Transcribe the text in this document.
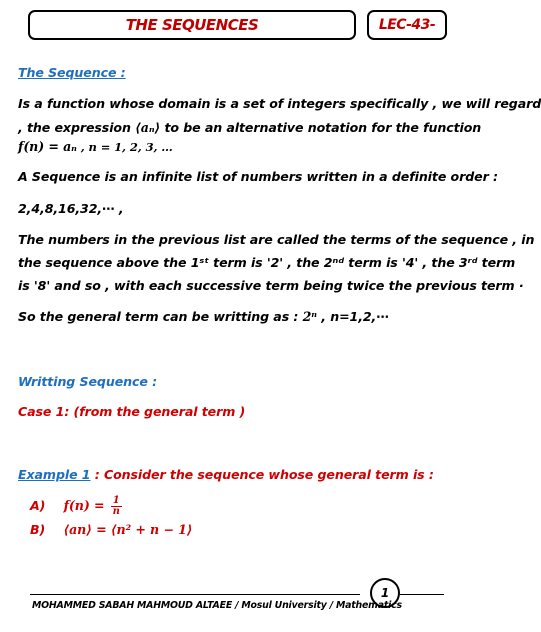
THE SEQUENCES	LEC-43-
The Sequence :
Is a function whose domain is a set of integers specifically , we will regard
, the expression ⟨aₙ⟩ to be an alternative notation for the function
f(n) = aₙ , n = 1, 2, 3, …
A Sequence is an infinite list of numbers written in a definite order :
2,4,8,16,32,⋯ ,
The numbers in the previous list are called the terms of the sequence , in
the sequence above the 1ˢᵗ term is '2' , the 2ⁿᵈ term is '4' , the 3ʳᵈ term
is '8' and so , with each successive term being twice the previous term ·
So the general term can be writting as : 2ⁿ , n=1,2,⋯
Writting Sequence :
Case 1: (from the general term )
Example 1 : Consider the sequence whose general term is :
A) $f(n) = \frac{1}{n}$
B) ⟨an⟩ = ⟨n² + n − 1⟩
1
MOHAMMED SABAH MAHMOUD ALTAEE / Mosul University / Mathematics
